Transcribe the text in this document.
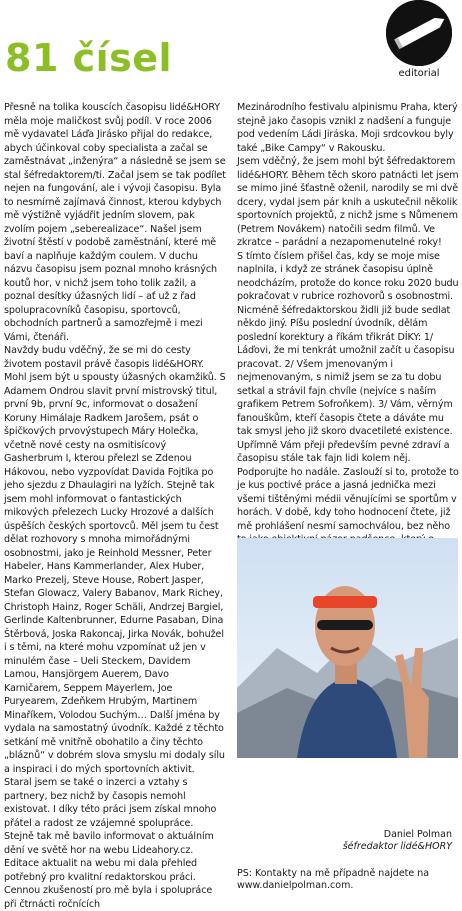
81 čísel	editorial

Přesně na tolika kouscích časopisu lidé&HORY měla moje maličkost svůj podíl. V roce 2006 mě vydavatel Láďa Jirásko přijal do redakce, abych účinkoval coby specialista a začal se zaměstnávat „inženýra“ a následně se jsem se stal šéfredaktorem/ti. Začal jsem se tak podílet nejen na fungování, ale i vývoji časopisu. Byla to nesmírně zajímavá činnost, kterou kdybych mě výstižně vyjádřit jedním slovem, pak zvolím pojem „seberealizace“. Našel jsem životní štěstí v podobě zaměstnání, které mě baví a naplňuje každým coulem. V duchu názvu časopisu jsem poznal mnoho krásných koutů hor, v nichž jsem toho tolik zažil, a poznal desítky úžasných lidí – ať už z řad spolupracovníků časopisu, sportovců, obchodních partnerů a samozřejmě i mezi Vámi, čtenáři.

Navždy budu vděčný, že se mi do cesty životem postavil právě časopis lidé&HORY. Mohl jsem být u spousty úžasných okamžiků. S Adamem Ondrou slavit první mistrovský titul, první 9b, první 9c, informovat o dosažení Koruny Himálaje Radkem Jarošem, psát o špičkových prvovýstupech Máry Holečka, včetně nové cesty na osmitisícový Gasherbrum I, kterou přelezl se Zdenou Hákovou, nebo vyzpovídat Davida Fojtíka po jeho sjezdu z Dhaulagiri na lyžích. Stejně tak jsem mohl informovat o fantastických mikových přelezech Lucky Hrozové a dalších úspěších českých sportovců. Měl jsem tu čest dělat rozhovory s mnoha mimořádnými osobnostmi, jako je Reinhold Messner, Peter Habeler, Hans Kammerlander, Alex Huber, Marko Prezelj, Steve House, Robert Jasper, Stefan Glowacz, Valery Babanov, Mark Richey, Christoph Hainz, Roger Schäli, Andrzej Bargiel, Gerlinde Kaltenbrunner, Edurne Pasaban, Dina Štěrbová, Joska Rakoncaj, Jirka Novák, bohužel i s těmi, na které mohu vzpomínat už jen v minulém čase – Ueli Steckem, Davidem Lamou, Hansjörgem Auerem, Davo Karničarem, Seppem Mayerlem, Joe Puryearem, Zdeňkem Hrubým, Martinem Minaříkem, Volodou Suchým… Další jména by vydala na samostatný úvodník. Každé z těchto setkání mě vnitřně obohatilo a činy těchto „bláznů“ v dobrém slova smyslu mi dodaly sílu a inspiraci i do mých sportovních aktivit.

Staral jsem se také o inzerci a vztahy s partnery, bez nichž by časopis nemohl existovat. I díky této práci jsem získal mnoho přátel a radost ze vzájemné spolupráce. Stejně tak mě bavilo informovat o aktuálním dění ve světě hor na webu Lideahory.cz. Editace aktualit na webu mi dala přehled potřebný pro kvalitní redaktorskou práci. Cennou zkušeností pro mě byla i spolupráce při čtrnácti ročnících

Mezinárodního festivalu alpinismu Praha, který stejně jako časopis vznikl z nadšení a funguje pod vedením Ládi Jiráska. Moji srdcovkou byly také „Bike Campy“ v Rakousku.

Jsem vděčný, že jsem mohl být šéfredaktorem lidé&HORY. Během těch skoro patnácti let jsem se mimo jiné šťastně oženil, narodily se mi dvě dcery, vydal jsem pár knih a uskutečnil několik sportovních projektů, z nichž jsme s Nůmenem (Petrem Novákem) natočili sedm filmů. Ve zkratce – parádní a nezapomenutelné roky!

S tímto číslem přišel čas, kdy se moje mise naplnila, i když ze stránek časopisu úplně neodcházím, protože do konce roku 2020 budu pokračovat v rubrice rozhovorů s osobnostmi. Nicméně šéfredaktorskou židli již bude sedlat někdo jiný. Píšu poslední úvodník, dělám poslední korektury a říkám třikrát DÍKY: 1/ Láďovi, že mi tenkrát umožnil začít u časopisu pracovat. 2/ Všem jmenovaným i nejmenovaným, s nimiž jsem se za tu dobu setkal a strávil fajn chvíle (nejvíce s naším grafikem Petrem Sofroňkem). 3/ Vám, věrným fanouškům, kteří časopis čtete a dáváte mu tak smysl jeho již skoro dvacetileté existence.

Upřímně Vám přeji především pevné zdraví a časopisu stále tak fajn lidi kolem něj. Podporujte ho nadále. Zaslouží si to, protože to je kus poctivé práce a jasná jednička mezi všemi tištěnými médii věnujícími se sportům v horách. V době, kdy toho hodnocení čtete, již mě prohlášení nesmí samochválou, bez něho

Daniel Polman
šéfredaktor lidé&HORY
PS: Kontakty na mě případně najdete na www.danielpolman.com.
